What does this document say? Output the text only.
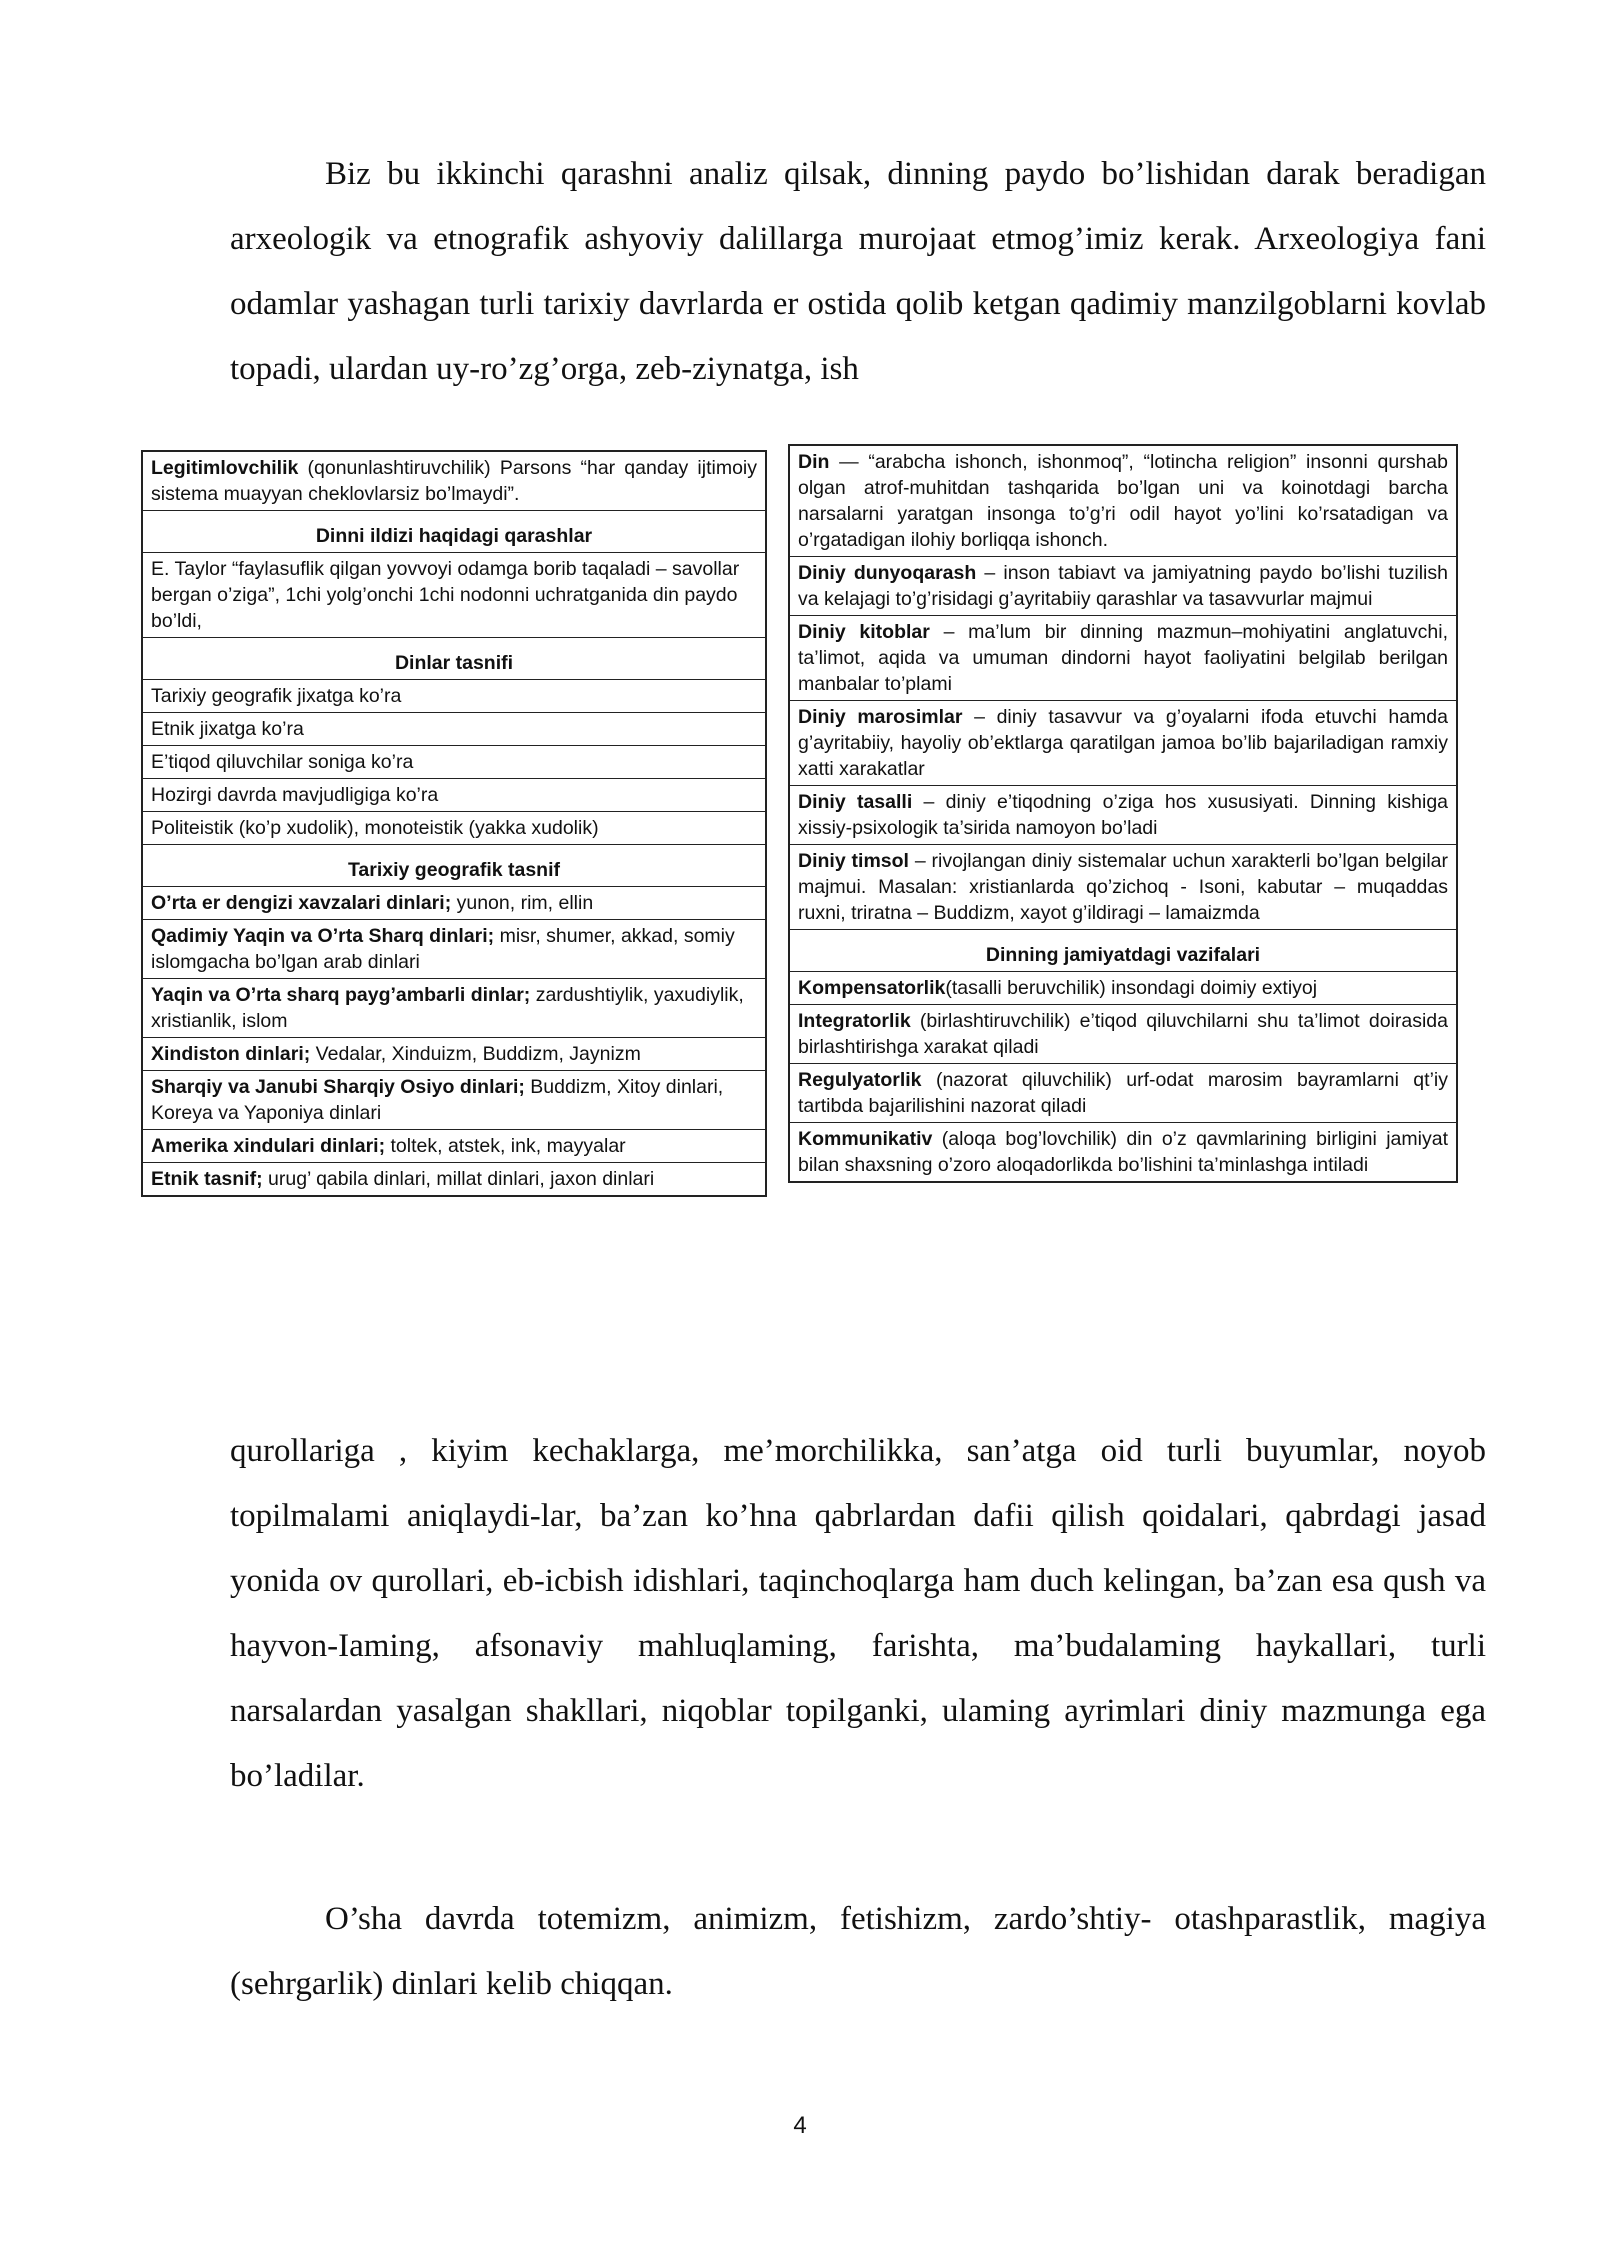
Biz bu ikkinchi qarashni analiz qilsak, dinning paydo bo’lishidan darak beradigan arxeologik va etnografik ashyoviy dalillarga murojaat etmog’imiz kerak. Arxeologiya fani odamlar yashagan turli tarixiy davrlarda er ostida qolib ketgan qadimiy manzilgoblarni kovlab topadi, ulardan uy-ro’zg’orga, zeb-ziynatga, ish

Legitimlovchilik (qonunlashtiruvchilik) Parsons “har qanday ijtimoiy sistema muayyan cheklovlarsiz bo’lmaydi”.
Dinni ildizi haqidagi qarashlar
E. Taylor “faylasuflik qilgan yovvoyi odamga borib taqaladi – savollar bergan o’ziga”, 1chi yolg’onchi 1chi nodonni uchratganida din paydo bo’ldi,
Dinlar tasnifi
Tarixiy geografik jixatga ko’ra
Etnik jixatga ko’ra
E’tiqod qiluvchilar soniga ko’ra
Hozirgi davrda mavjudligiga ko’ra
Politeistik (ko’p xudolik), monoteistik (yakka xudolik)
Tarixiy geografik tasnif
O’rta er dengizi xavzalari dinlari; yunon, rim, ellin
Qadimiy Yaqin va O’rta Sharq dinlari; misr, shumer, akkad, somiy islomgacha bo’lgan arab dinlari
Yaqin va O’rta sharq payg’ambarli dinlar; zardushtiylik, yaxudiylik, xristianlik, islom
Xindiston dinlari; Vedalar, Xinduizm, Buddizm, Jaynizm
Sharqiy va Janubi Sharqiy Osiyo dinlari; Buddizm, Xitoy dinlari, Koreya va Yaponiya dinlari
Amerika xindulari dinlari; toltek, atstek, ink, mayyalar
Etnik tasnif; urug’ qabila dinlari, millat dinlari, jaxon dinlari
Din — “arabcha ishonch, ishonmoq”, “lotincha religion” insonni qurshab olgan atrof-muhitdan tashqarida bo’lgan uni va koinotdagi barcha narsalarni yaratgan insonga to’g’ri odil hayot yo’lini ko’rsatadigan va o’rgatadigan ilohiy borliqqa ishonch.
Diniy dunyoqarash – inson tabiavt va jamiyatning paydo bo’lishi tuzilish va kelajagi to’g’risidagi g’ayritabiiy qarashlar va tasavvurlar majmui
Diniy kitoblar – ma’lum bir dinning mazmun–mohiyatini anglatuvchi, ta’limot, aqida va umuman dindorni hayot faoliyatini belgilab berilgan manbalar to’plami
Diniy marosimlar – diniy tasavvur va g’oyalarni ifoda etuvchi hamda g’ayritabiiy, hayoliy ob’ektlarga qaratilgan jamoa bo’lib bajariladigan ramxiy xatti xarakatlar
Diniy tasalli – diniy e’tiqodning o’ziga hos xususiyati. Dinning kishiga xissiy-psixologik ta’sirida namoyon bo’ladi
Diniy timsol – rivojlangan diniy sistemalar uchun xarakterli bo’lgan belgilar majmui. Masalan: xristianlarda qo’zichoq - Isoni, kabutar – muqaddas ruxni, triratna – Buddizm, xayot g’ildiragi – lamaizmda
Dinning jamiyatdagi vazifalari
Kompensatorlik(tasalli beruvchilik) insondagi doimiy extiyoj
Integratorlik (birlashtiruvchilik) e’tiqod qiluvchilarni shu ta’limot doirasida birlashtirishga xarakat qiladi
Regulyatorlik (nazorat qiluvchilik) urf-odat marosim bayramlarni qt’iy tartibda bajarilishini nazorat qiladi
Kommunikativ (aloqa bog’lovchilik) din o’z qavmlarining birligini jamiyat bilan shaxsning o’zoro aloqadorlikda bo’lishini ta’minlashga intiladi

qurollariga , kiyim kechaklarga, me’morchilikka, san’atga oid turli buyumlar, noyob topilmalami aniqlaydi-lar, ba’zan ko’hna qabrlardan dafii qilish qoidalari, qabrdagi jasad yonida ov qurollari, eb-icbish idishlari, taqinchoqlarga ham duch kelingan, ba’zan esa qush va hayvon-Iaming, afsonaviy mahluqlaming, farishta, ma’budalaming haykallari, turli narsalardan yasalgan shakllari, niqoblar topilganki, ulaming ayrimlari diniy mazmunga ega bo’ladilar.

O’sha davrda totemizm, animizm, fetishizm, zardo’shtiy- otashparastlik, magiya (sehrgarlik) dinlari kelib chiqqan.

4
